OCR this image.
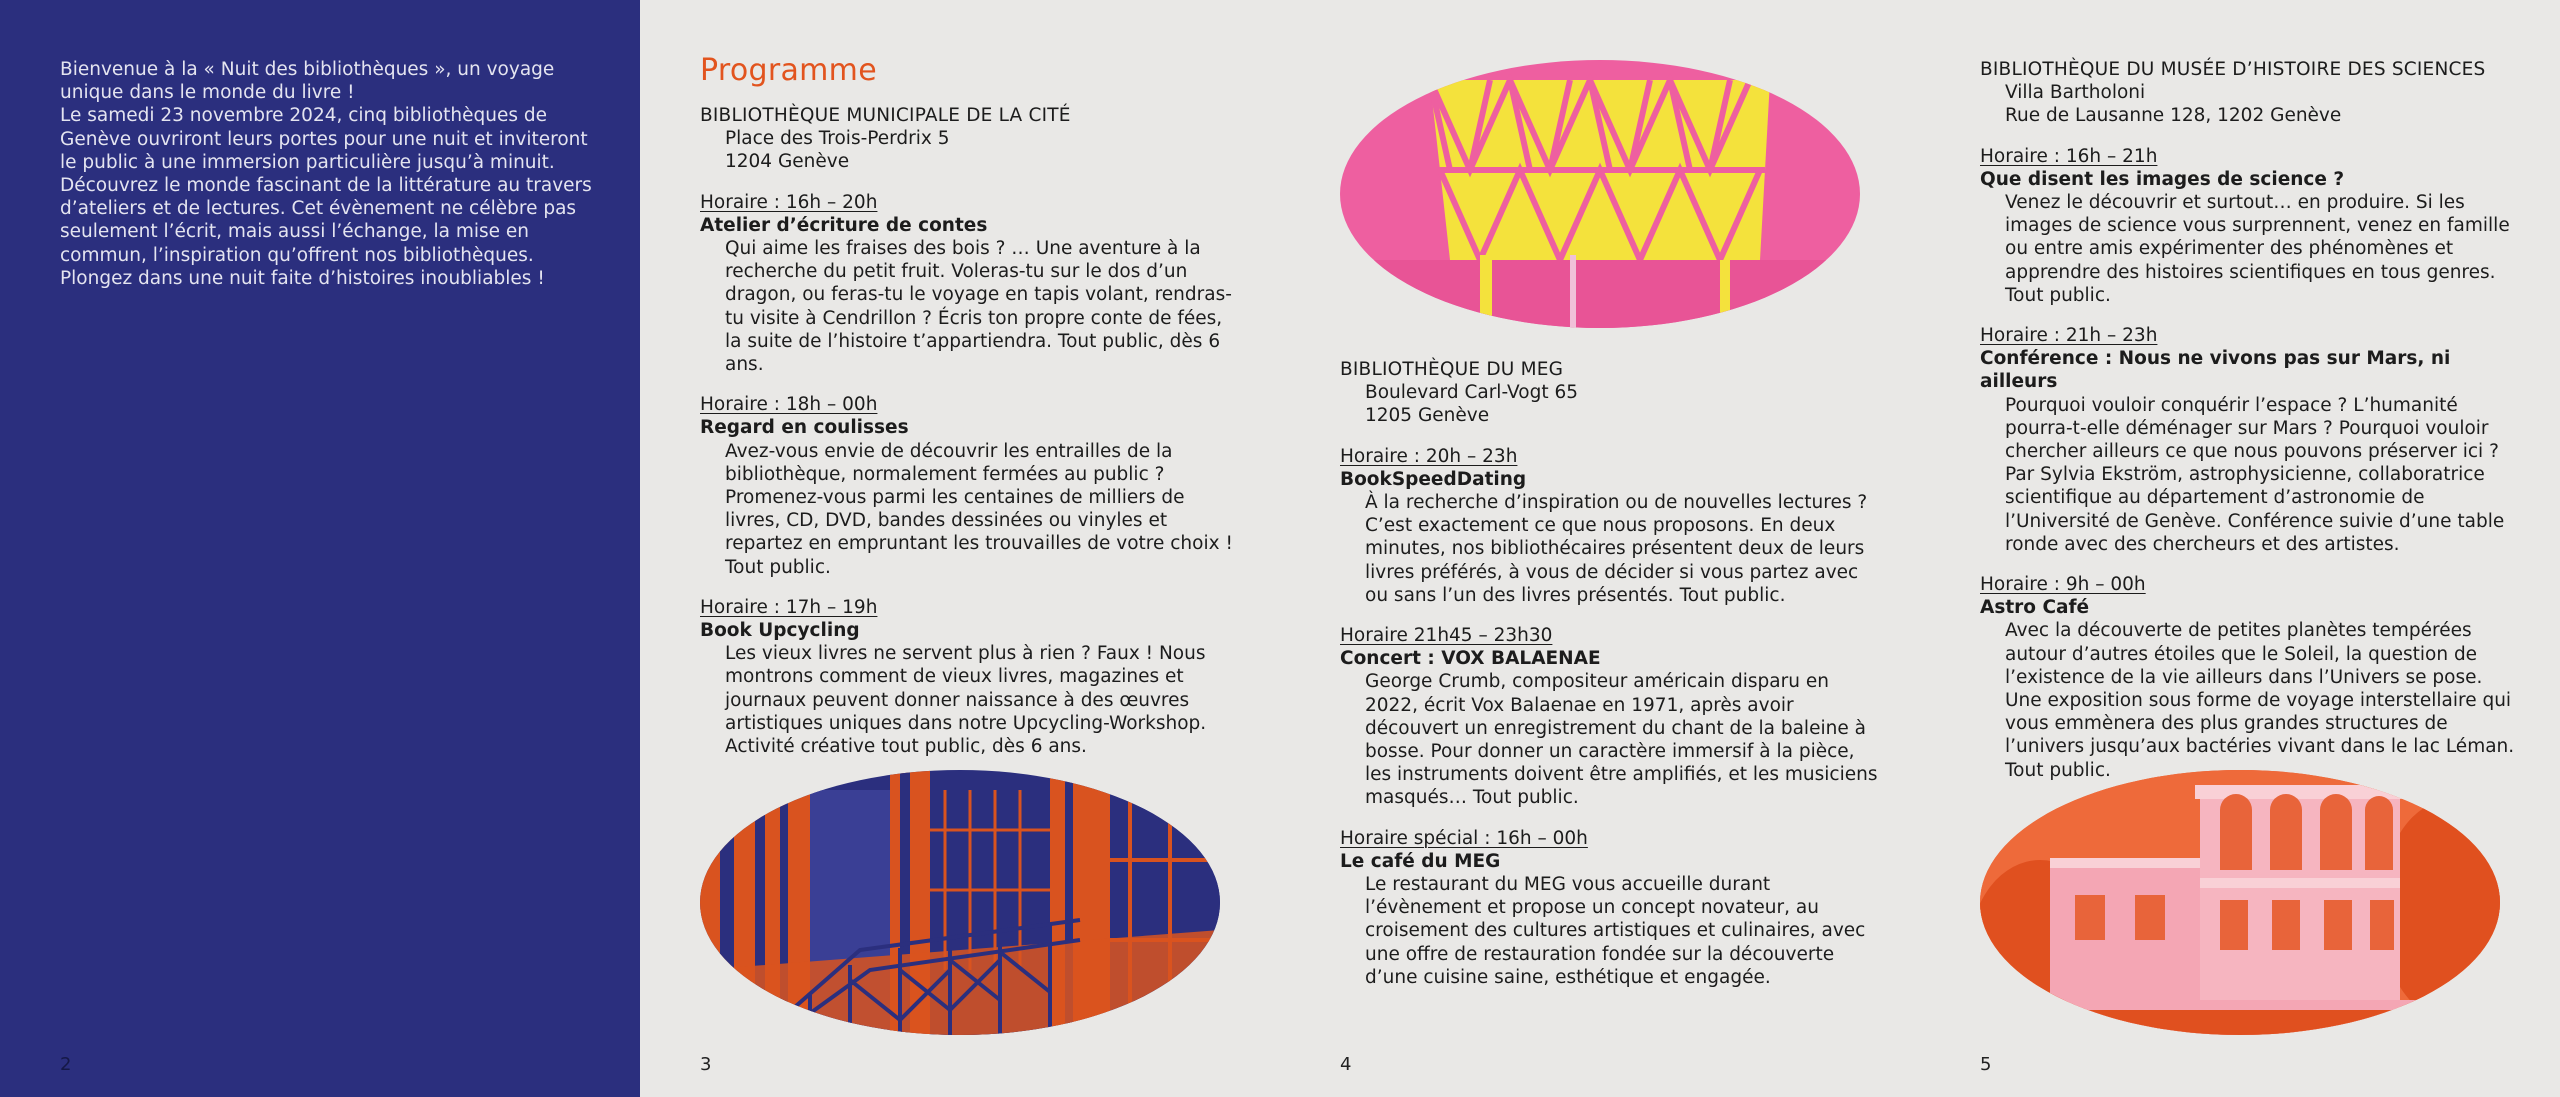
Bienvenue à la « Nuit des bibliothèques », un voyage unique dans le monde du livre !

Le samedi 23 novembre 2024, cinq bibliothèques de Genève ouvriront leurs portes pour une nuit et inviteront le public à une immersion particulière jusqu’à minuit.

Découvrez le monde fascinant de la littérature au travers d’ateliers et de lectures. Cet évènement ne célèbre pas seulement l’écrit, mais aussi l’échange, la mise en commun, l’inspiration qu’offrent nos bibliothèques.

Plongez dans une nuit faite d’histoires inoubliables !

2
Programme
BIBLIOTHÈQUE MUNICIPALE DE LA CITÉ
Place des Trois-Perdrix 5
1204 Genève
Horaire : 16h – 20h
Atelier d’écriture de contes

Qui aime les fraises des bois ? … Une aventure à la recherche du petit fruit. Voleras-tu sur le dos d’un dragon, ou feras-tu le voyage en tapis volant, rendras-tu visite à Cendrillon ? Écris ton propre conte de fées, la suite de l’histoire t’appartiendra. Tout public, dès 6 ans.

Horaire : 18h – 00h
Regard en coulisses

Avez-vous envie de découvrir les entrailles de la bibliothèque, normalement fermées au public ?

Promenez-vous parmi les centaines de milliers de livres, CD, DVD, bandes dessinées ou vinyles et repartez en empruntant les trouvailles de votre choix ! Tout public.

Horaire : 17h – 19h
Book Upcycling

Les vieux livres ne servent plus à rien ? Faux ! Nous montrons comment de vieux livres, magazines et journaux peuvent donner naissance à des œuvres artistiques uniques dans notre Upcycling-Workshop.

Activité créative tout public, dès 6 ans.

3
BIBLIOTHÈQUE DU MEG
Boulevard Carl-Vogt 65
1205 Genève
Horaire : 20h – 23h
BookSpeedDating

À la recherche d’inspiration ou de nouvelles lectures ? C’est exactement ce que nous proposons. En deux minutes, nos bibliothécaires présentent deux de leurs livres préférés, à vous de décider si vous partez avec ou sans l’un des livres présentés. Tout public.

Horaire 21h45 – 23h30
Concert : VOX BALAENAE

George Crumb, compositeur américain disparu en 2022, écrit Vox Balaenae en 1971, après avoir découvert un enregistrement du chant de la baleine à bosse. Pour donner un caractère immersif à la pièce, les instruments doivent être amplifiés, et les musiciens masqués… Tout public.

Horaire spécial : 16h – 00h
Le café du MEG

Le restaurant du MEG vous accueille durant l’évènement et propose un concept novateur, au croisement des cultures artistiques et culinaires, avec une offre de restauration fondée sur la découverte d’une cuisine saine, esthétique et engagée.

4
BIBLIOTHÈQUE DU MUSÉE D’HISTOIRE DES SCIENCES
Villa Bartholoni
Rue de Lausanne 128, 1202 Genève
Horaire : 16h – 21h
Que disent les images de science ?

Venez le découvrir et surtout… en produire. Si les images de science vous surprennent, venez en famille ou entre amis expérimenter des phénomènes et apprendre des histoires scientifiques en tous genres. Tout public.

Horaire : 21h – 23h
Conférence : Nous ne vivons pas sur Mars, ni ailleurs

Pourquoi vouloir conquérir l’espace ? L’humanité pourra-t-elle déménager sur Mars ? Pourquoi vouloir chercher ailleurs ce que nous pouvons préserver ici ? Par Sylvia Ekström, astrophysicienne, collaboratrice scientifique au département d’astronomie de l’Université de Genève. Conférence suivie d’une table ronde avec des chercheurs et des artistes.

Horaire : 9h – 00h
Astro Café

Avec la découverte de petites planètes tempérées autour d’autres étoiles que le Soleil, la question de l’existence de la vie ailleurs dans l’Univers se pose.

Une exposition sous forme de voyage interstellaire qui vous emmènera des plus grandes structures de l’univers jusqu’aux bactéries vivant dans le lac Léman. Tout public.

5
